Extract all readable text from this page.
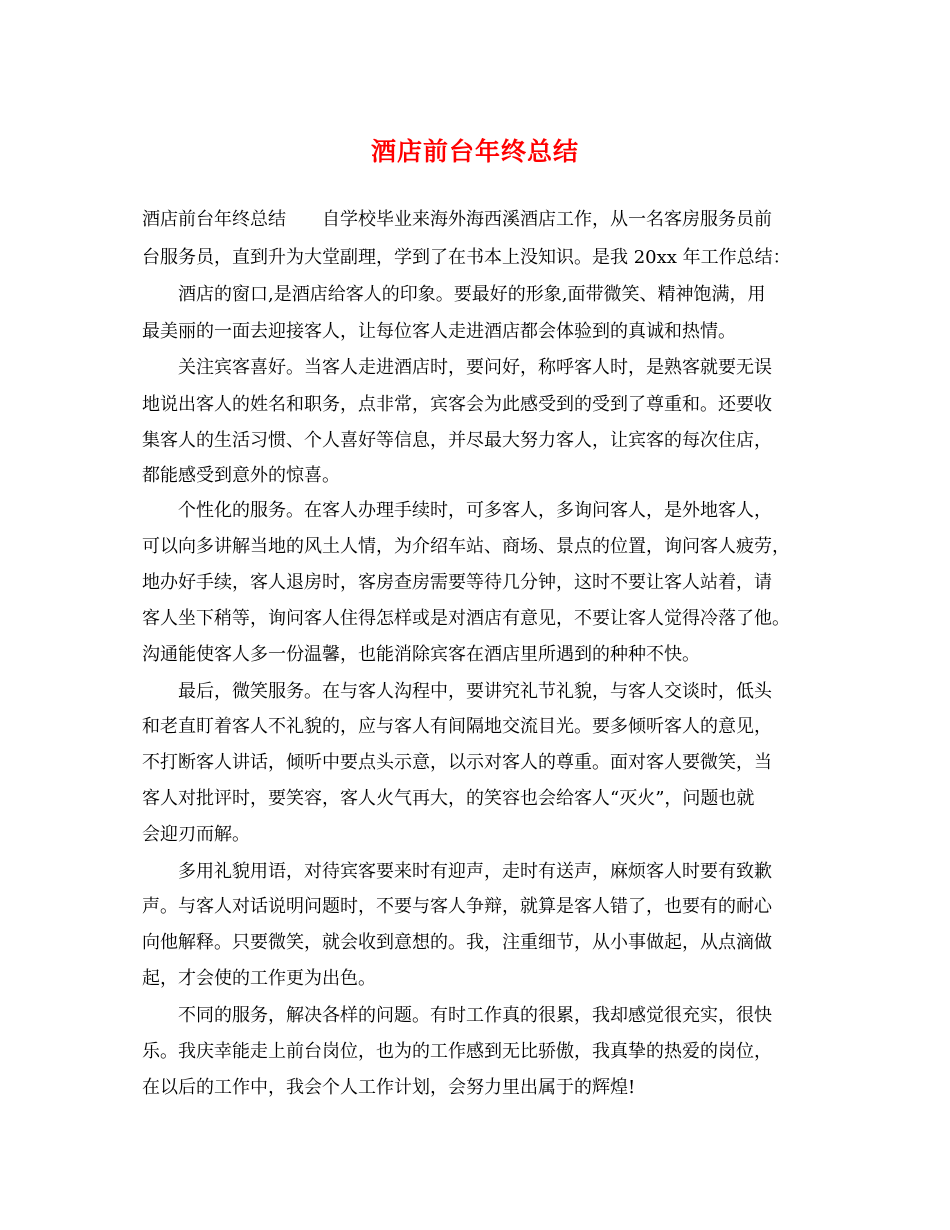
酒店前台年终总结
酒店前台年终总结　　自学校毕业来海外海西溪酒店工作，从一名客房服务员前
台服务员，直到升为大堂副理，学到了在书本上没知识。是我 20xx 年工作总结：
酒店的窗口,是酒店给客人的印象。要最好的形象,面带微笑、精神饱满，用
最美丽的一面去迎接客人，让每位客人走进酒店都会体验到的真诚和热情。
关注宾客喜好。当客人走进酒店时，要问好，称呼客人时，是熟客就要无误
地说出客人的姓名和职务，点非常，宾客会为此感受到的受到了尊重和。还要收
集客人的生活习惯、个人喜好等信息，并尽最大努力客人，让宾客的每次住店，
都能感受到意外的惊喜。
个性化的服务。在客人办理手续时，可多客人，多询问客人，是外地客人，
可以向多讲解当地的风土人情，为介绍车站、商场、景点的位置，询问客人疲劳，
地办好手续，客人退房时，客房查房需要等待几分钟，这时不要让客人站着，请
客人坐下稍等，询问客人住得怎样或是对酒店有意见，不要让客人觉得冷落了他。
沟通能使客人多一份温馨，也能消除宾客在酒店里所遇到的种种不快。
最后，微笑服务。在与客人沟程中，要讲究礼节礼貌，与客人交谈时，低头
和老直盯着客人不礼貌的，应与客人有间隔地交流目光。要多倾听客人的意见，
不打断客人讲话，倾听中要点头示意，以示对客人的尊重。面对客人要微笑，当
客人对批评时，要笑容，客人火气再大，的笑容也会给客人“灭火”，问题也就
会迎刃而解。
多用礼貌用语，对待宾客要来时有迎声，走时有送声，麻烦客人时要有致歉
声。与客人对话说明问题时，不要与客人争辩，就算是客人错了，也要有的耐心
向他解释。只要微笑，就会收到意想的。我，注重细节，从小事做起，从点滴做
起，才会使的工作更为出色。
不同的服务，解决各样的问题。有时工作真的很累，我却感觉很充实，很快
乐。我庆幸能走上前台岗位，也为的工作感到无比骄傲，我真挚的热爱的岗位，
在以后的工作中，我会个人工作计划，会努力里出属于的辉煌!
